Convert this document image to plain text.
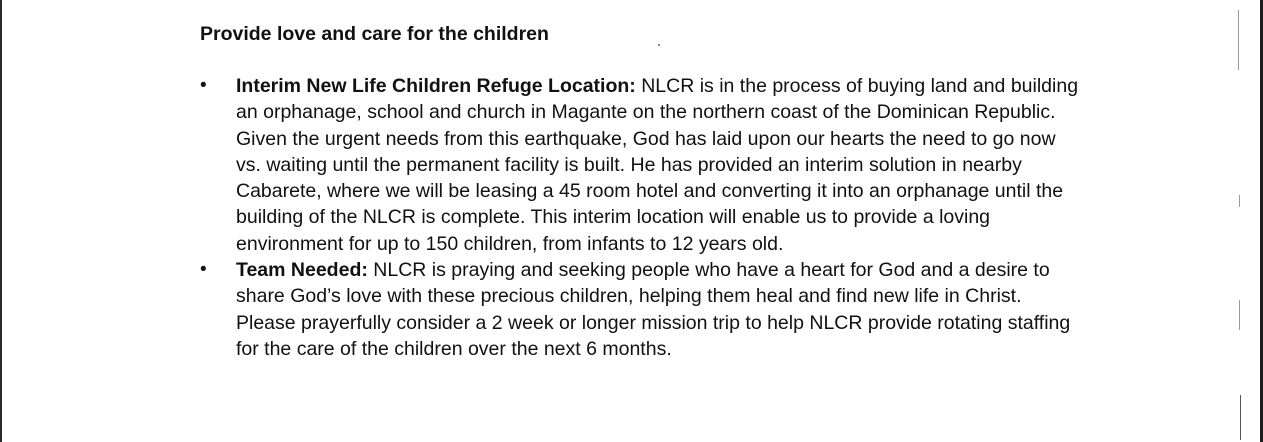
Provide love and care for the children
• Interim New Life Children Refuge Location: NLCR is in the process of buying land and building an orphanage, school and church in Magante on the northern coast of the Dominican Republic. Given the urgent needs from this earthquake, God has laid upon our hearts the need to go now vs. waiting until the permanent facility is built. He has provided an interim solution in nearby Cabarete, where we will be leasing a 45 room hotel and converting it into an orphanage until the building of the NLCR is complete. This interim location will enable us to provide a loving environment for up to 150 children, from infants to 12 years old.
• Team Needed: NLCR is praying and seeking people who have a heart for God and a desire to share God’s love with these precious children, helping them heal and find new life in Christ. Please prayerfully consider a 2 week or longer mission trip to help NLCR provide rotating staffing for the care of the children over the next 6 months.
